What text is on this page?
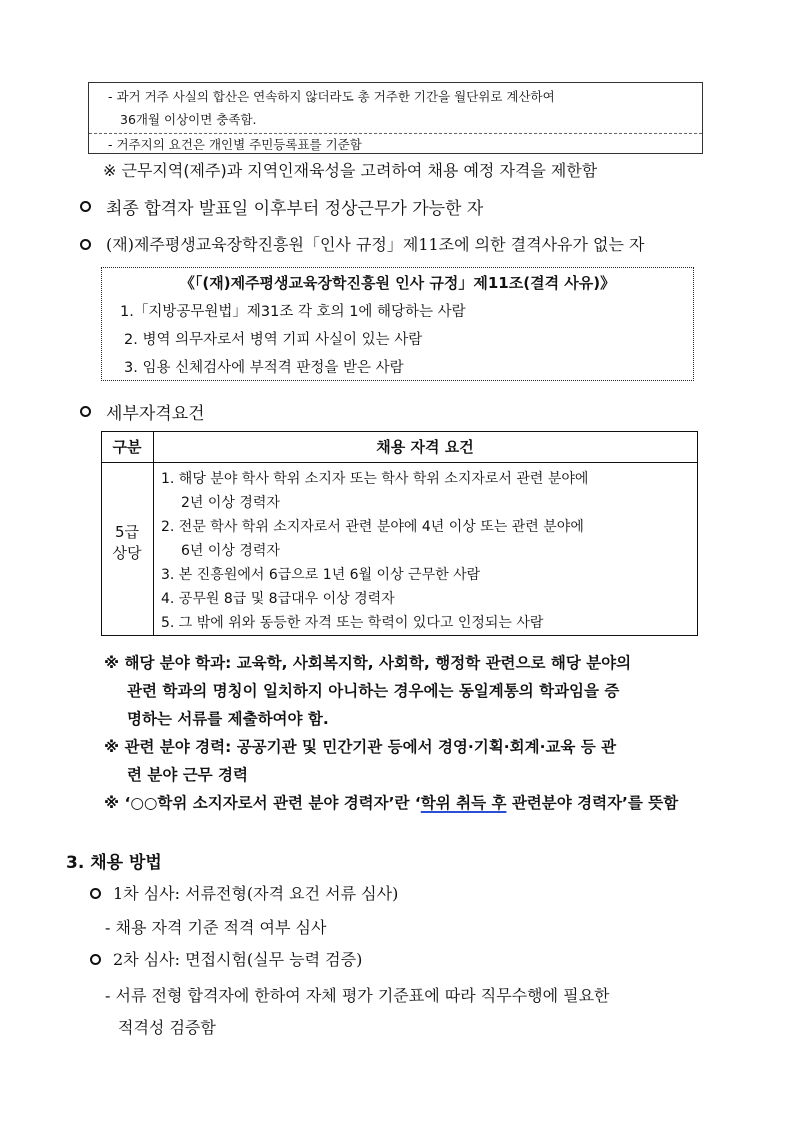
- 과거 거주 사실의 합산은 연속하지 않더라도 총 거주한 기간을 월단위로 계산하여
36개월 이상이면 충족함.
- 거주지의 요건은 개인별 주민등록표를 기준함
※ 근무지역(제주)과 지역인재육성을 고려하여 채용 예정 자격을 제한함
최종 합격자 발표일 이후부터 정상근무가 가능한 자
(재)제주평생교육장학진흥원「인사 규정」제11조에 의한 결격사유가 없는 자
《「(재)제주평생교육장학진흥원 인사 규정」제11조(결격 사유)》
1.「지방공무원법」제31조 각 호의 1에 해당하는 사람
2. 병역 의무자로서 병역 기피 사실이 있는 사람
3. 임용 신체검사에 부적격 판정을 받은 사람
세부자격요건
구분	채용 자격 요건
5급
상당
1. 해당 분야 학사 학위 소지자 또는 학사 학위 소지자로서 관련 분야에
2년 이상 경력자
2. 전문 학사 학위 소지자로서 관련 분야에 4년 이상 또는 관련 분야에
6년 이상 경력자
3. 본 진흥원에서 6급으로 1년 6월 이상 근무한 사람
4. 공무원 8급 및 8급대우 이상 경력자
5. 그 밖에 위와 동등한 자격 또는 학력이 있다고 인정되는 사람
※ 해당 분야 학과: 교육학, 사회복지학, 사회학, 행정학 관련으로 해당 분야의
관련 학과의 명칭이 일치하지 아니하는 경우에는 동일계통의 학과임을 증
명하는 서류를 제출하여야 함.
※ 관련 분야 경력: 공공기관 및 민간기관 등에서 경영·기획·회계·교육 등 관
련 분야 근무 경력
※ ‘○○학위 소지자로서 관련 분야 경력자’란 ‘학위 취득 후 관련분야 경력자’를 뜻함
3. 채용 방법
1차 심사: 서류전형(자격 요건 서류 심사)
- 채용 자격 기준 적격 여부 심사
2차 심사: 면접시험(실무 능력 검증)
- 서류 전형 합격자에 한하여 자체 평가 기준표에 따라 직무수행에 필요한
적격성 검증함
